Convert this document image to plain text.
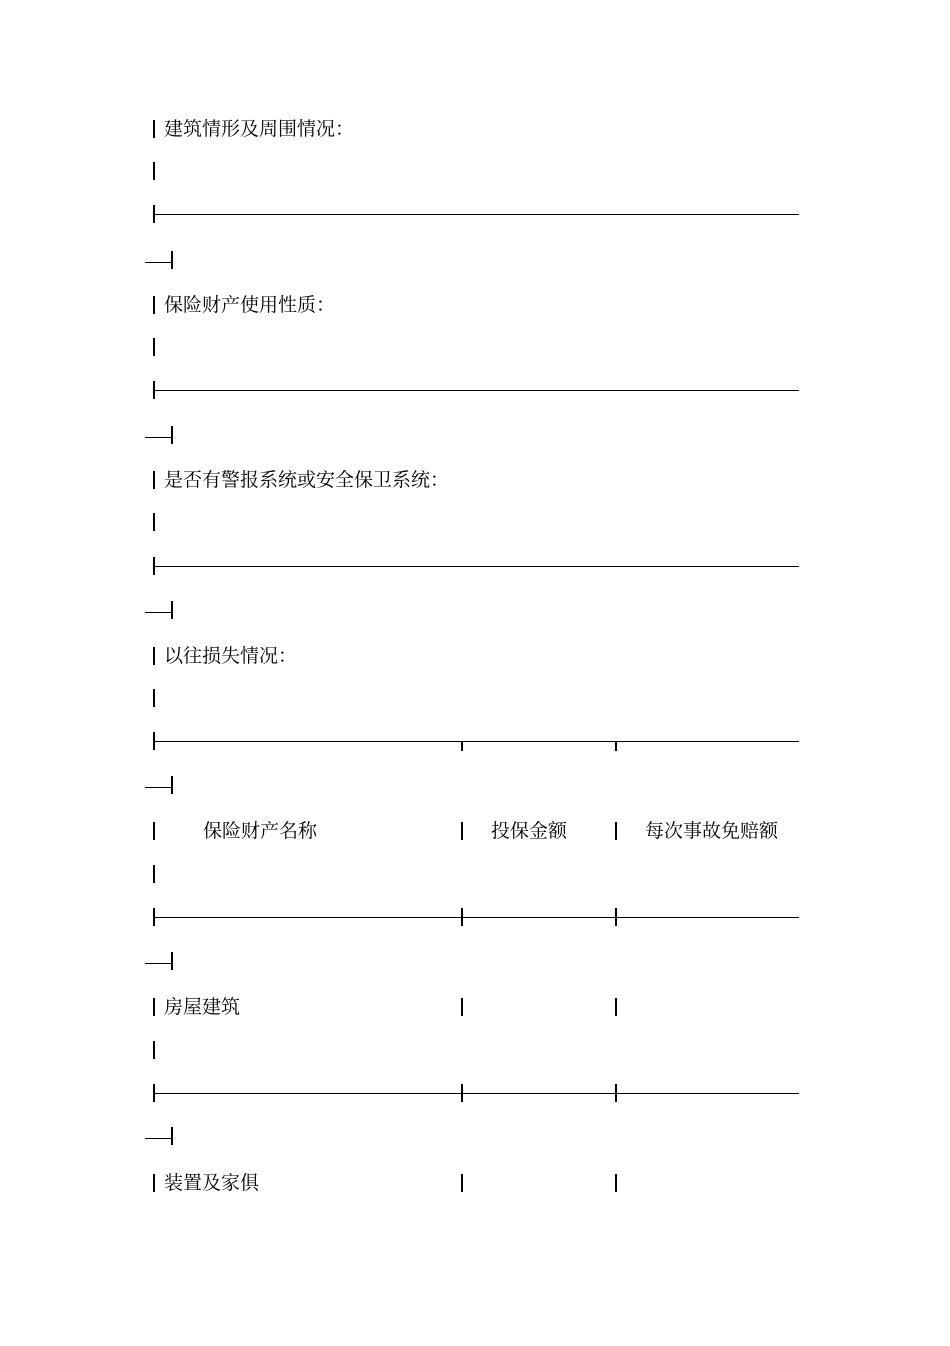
建筑情形及周围情况：
保险财产使用性质：
是否有警报系统或安全保卫系统：
以往损失情况：
保险财产名称	投保金额	每次事故免赔额
房屋建筑
装置及家俱
